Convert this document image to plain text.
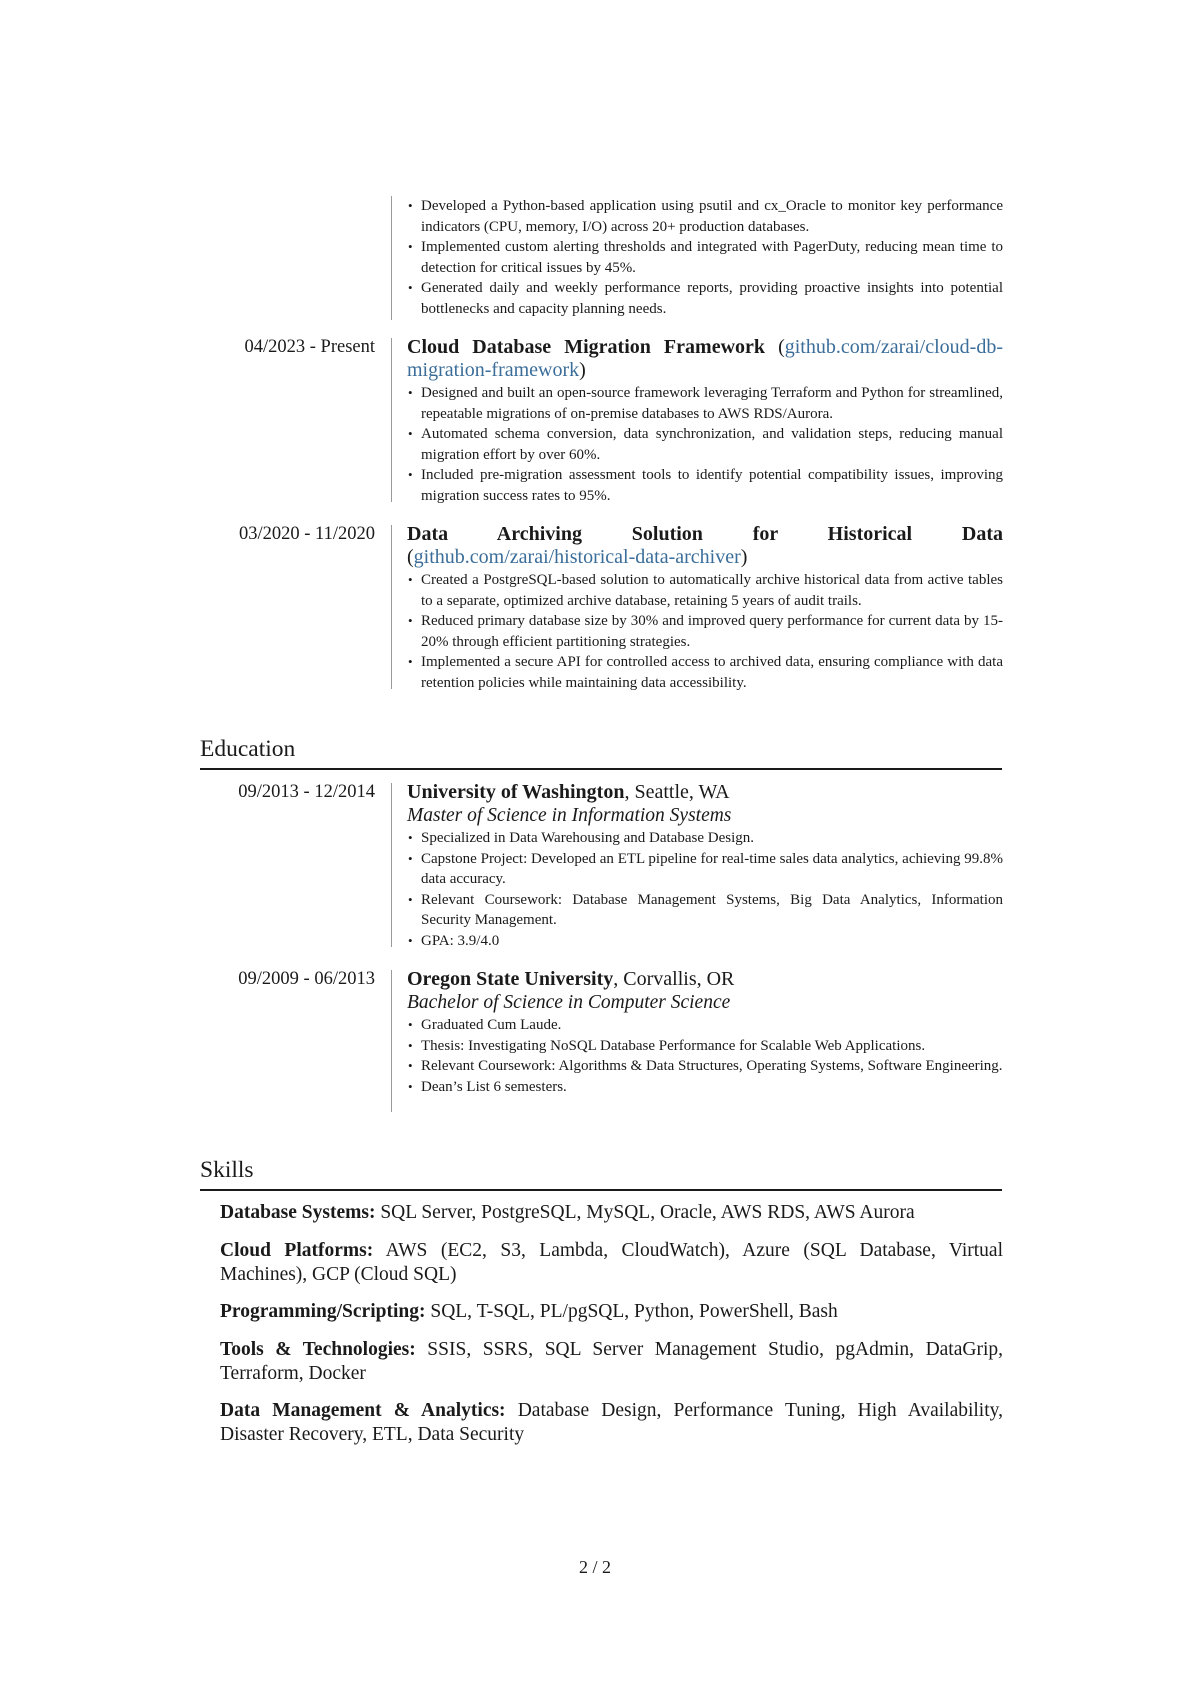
• Developed a Python-based application using psutil and cx_Oracle to monitor key performance indicators (CPU, memory, I/O) across 20+ production databases.
• Implemented custom alerting thresholds and integrated with PagerDuty, reducing mean time to detection for critical issues by 45%.
• Generated daily and weekly performance reports, providing proactive insights into potential bottlenecks and capacity planning needs.
04/2023 - Present Cloud Database Migration Framework (github.com/zarai/cloud-db-migration-framework)
• Designed and built an open-source framework leveraging Terraform and Python for streamlined, repeatable migrations of on-premise databases to AWS RDS/Aurora.
• Automated schema conversion, data synchronization, and validation steps, reducing manual migration effort by over 60%.
• Included pre-migration assessment tools to identify potential compatibility issues, improving migration success rates to 95%.
03/2020 - 11/2020 Data Archiving Solution for Historical Data (github.com/zarai/historical-data-archiver)
• Created a PostgreSQL-based solution to automatically archive historical data from active tables to a separate, optimized archive database, retaining 5 years of audit trails.
• Reduced primary database size by 30% and improved query performance for current data by 15-20% through efficient partitioning strategies.
• Implemented a secure API for controlled access to archived data, ensuring compliance with data retention policies while maintaining data accessibility.
Education
09/2013 - 12/2014 University of Washington, Seattle, WA
Master of Science in Information Systems
• Specialized in Data Warehousing and Database Design.
• Capstone Project: Developed an ETL pipeline for real-time sales data analytics, achieving 99.8% data accuracy.
• Relevant Coursework: Database Management Systems, Big Data Analytics, Information Security Management.
• GPA: 3.9/4.0
09/2009 - 06/2013 Oregon State University, Corvallis, OR
Bachelor of Science in Computer Science
• Graduated Cum Laude.
• Thesis: Investigating NoSQL Database Performance for Scalable Web Applications.
• Relevant Coursework: Algorithms & Data Structures, Operating Systems, Software Engineering.
• Dean’s List 6 semesters.
Skills
Database Systems: SQL Server, PostgreSQL, MySQL, Oracle, AWS RDS, AWS Aurora
Cloud Platforms: AWS (EC2, S3, Lambda, CloudWatch), Azure (SQL Database, Virtual Machines), GCP (Cloud SQL)
Programming/Scripting: SQL, T-SQL, PL/pgSQL, Python, PowerShell, Bash
Tools & Technologies: SSIS, SSRS, SQL Server Management Studio, pgAdmin, DataGrip, Terraform, Docker
Data Management & Analytics: Database Design, Performance Tuning, High Availability, Disaster Recovery, ETL, Data Security
2 / 2
